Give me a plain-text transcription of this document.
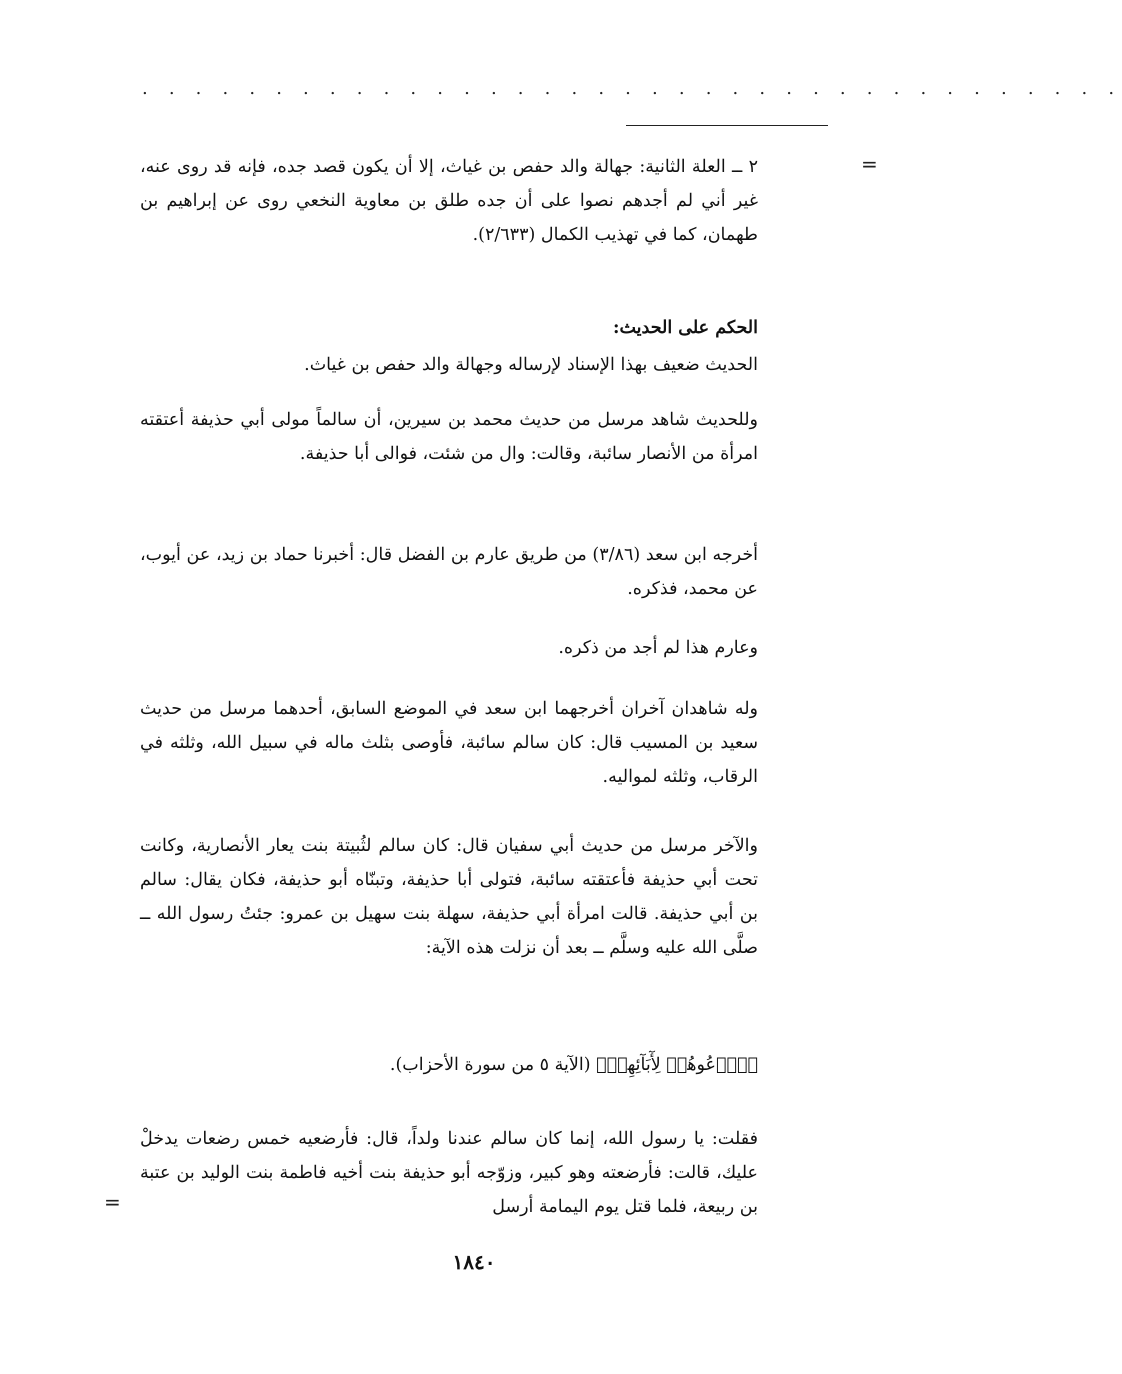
. . . . . . . . . . . . . . . . . . . . . . . . . . . . . . . . . . . . .
=
٢ ــ العلة الثانية: جهالة والد حفص بن غياث، إلا أن يكون قصد جده، فإنه قد روى عنه، غير أني لم أجدهم نصوا على أن جده طلق بن معاوية النخعي روى عن إبراهيم بن طهمان، كما في تهذيب الكمال (٢/٦٣٣).
الحكم على الحديث:
الحديث ضعيف بهذا الإسناد لإرساله وجهالة والد حفص بن غياث.
وللحديث شاهد مرسل من حديث محمد بن سيرين، أن سالماً مولى أبي حذيفة أعتقته امرأة من الأنصار سائبة، وقالت: وال من شئت، فوالى أبا حذيفة.
أخرجه ابن سعد (٣/٨٦) من طريق عارم بن الفضل قال: أخبرنا حماد بن زيد، عن أيوب، عن محمد، فذكره.
وعارم هذا لم أجد من ذكره.
وله شاهدان آخران أخرجهما ابن سعد في الموضع السابق، أحدهما مرسل من حديث سعيد بن المسيب قال: كان سالم سائبة، فأوصى بثلث ماله في سبيل الله، وثلثه في الرقاب، وثلثه لمواليه.
والآخر مرسل من حديث أبي سفيان قال: كان سالم لثُبيتة بنت يعار الأنصارية، وكانت تحت أبي حذيفة فأعتقته سائبة، فتولى أبا حذيفة، وتبنّاه أبو حذيفة، فكان يقال: سالم بن أبي حذيفة. قالت امرأة أبي حذيفة، سهلة بنت سهيل بن عمرو: جئتُ رسول الله ــ صلَّى الله عليه وسلَّم ــ بعد أن نزلت هذه الآية:
﴿ٱدۡعُوهُمۡ لِأٓبَآئِهِمۡ﴾ (الآية ٥ من سورة الأحزاب).
فقلت: يا رسول الله، إنما كان سالم عندنا ولداً، قال: فأرضعيه خمس رضعات يدخلْ عليك، قالت: فأرضعته وهو كبير، وزوّجه أبو حذيفة بنت أخيه فاطمة بنت الوليد بن عتبة بن ربيعة، فلما قتل يوم اليمامة أرسل
=
١٨٤٠
